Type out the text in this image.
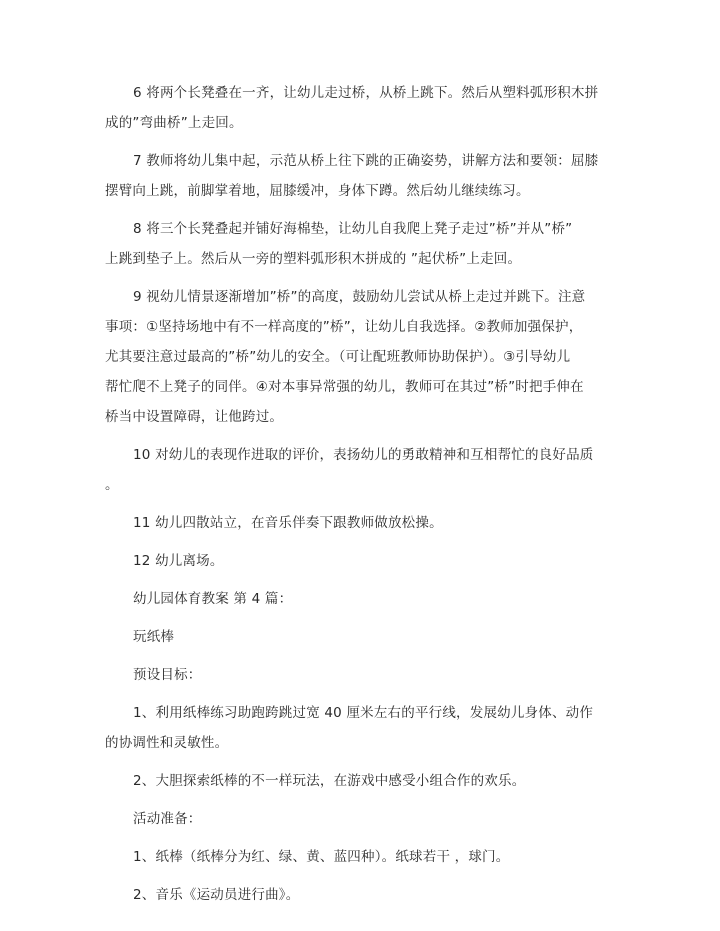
6 将两个长凳叠在一齐，让幼儿走过桥，从桥上跳下。然后从塑料弧形积木拼
成的”弯曲桥”上走回。

7 教师将幼儿集中起，示范从桥上往下跳的正确姿势，讲解方法和要领：屈膝
摆臂向上跳，前脚掌着地，屈膝缓冲，身体下蹲。然后幼儿继续练习。

8 将三个长凳叠起并铺好海棉垫，让幼儿自我爬上凳子走过”桥”并从”桥”
上跳到垫子上。然后从一旁的塑料弧形积木拼成的 ”起伏桥”上走回。

9 视幼儿情景逐渐增加”桥”的高度，鼓励幼儿尝试从桥上走过并跳下。注意
事项：①坚持场地中有不一样高度的”桥”，让幼儿自我选择。②教师加强保护，
尤其要注意过最高的”桥”幼儿的安全。（可让配班教师协助保护）。③引导幼儿
帮忙爬不上凳子的同伴。④对本事异常强的幼儿，教师可在其过”桥”时把手伸在
桥当中设置障碍，让他跨过。

10 对幼儿的表现作进取的评价，表扬幼儿的勇敢精神和互相帮忙的良好品质
。

11 幼儿四散站立，在音乐伴奏下跟教师做放松操。

12 幼儿离场。

幼儿园体育教案 第 4 篇：

玩纸棒

预设目标：

1、利用纸棒练习助跑跨跳过宽 40 厘米左右的平行线，发展幼儿身体、动作
的协调性和灵敏性。

2、大胆探索纸棒的不一样玩法，在游戏中感受小组合作的欢乐。

活动准备：

1、纸棒（纸棒分为红、绿、黄、蓝四种）。纸球若干 ，球门。

2、音乐《运动员进行曲》。
